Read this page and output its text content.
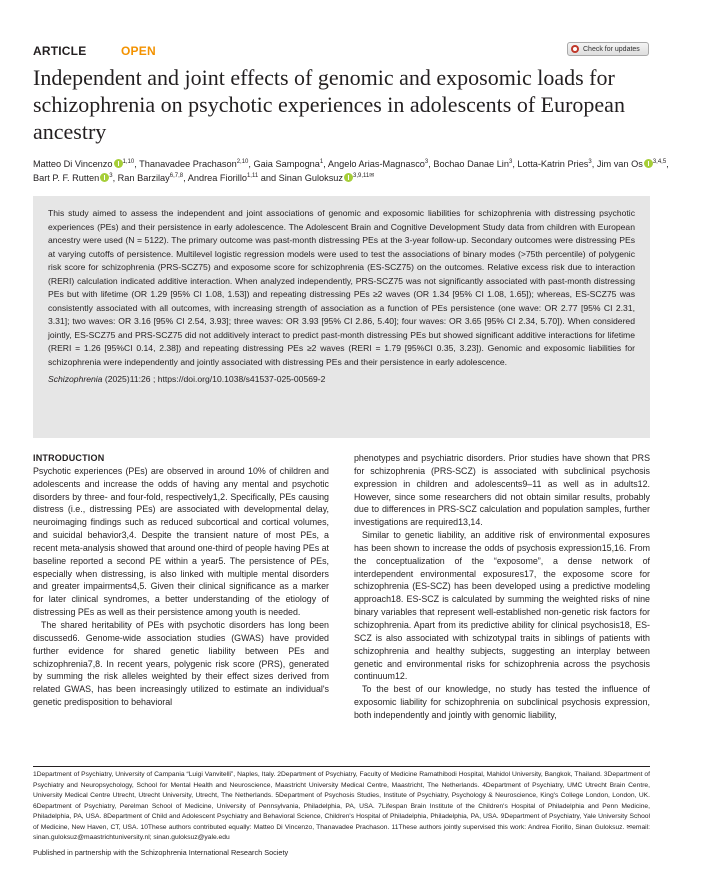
ARTICLE	OPEN	Check for updates
Independent and joint effects of genomic and exposomic loads for schizophrenia on psychotic experiences in adolescents of European ancestry
Matteo Di Vincenzo $^{1,10}$, Thanavadee Prachason$^{2,10}$, Gaia Sampogna$^1$, Angelo Arias-Magnasco$^3$, Bochao Danae Lin$^3$, Lotta-Katrin Pries$^3$, Jim van Os $^{3,4,5}$, Bart P. F. Rutten $^3$, Ran Barzilay$^{6,7,8}$, Andrea Fiorillo$^{1,11}$ and Sinan Guloksuz $^{3,9,11✉}$
This study aimed to assess the independent and joint associations of genomic and exposomic liabilities for schizophrenia with distressing psychotic experiences (PEs) and their persistence in early adolescence. The Adolescent Brain and Cognitive Development Study data from children with European ancestry were used (N = 5122). The primary outcome was past-month distressing PEs at the 3-year follow-up. Secondary outcomes were distressing PEs at varying cutoffs of persistence. Multilevel logistic regression models were used to test the associations of binary modes (>75th percentile) of polygenic risk score for schizophrenia (PRS-SCZ75) and exposome score for schizophrenia (ES-SCZ75) on the outcomes. Relative excess risk due to interaction (RERI) calculation indicated additive interaction. When analyzed independently, PRS-SCZ75 was not significantly associated with past-month distressing PEs but with lifetime (OR 1.29 [95% CI 1.08, 1.53]) and repeating distressing PEs ≥2 waves (OR 1.34 [95% CI 1.08, 1.65]); whereas, ES-SCZ75 was consistently associated with all outcomes, with increasing strength of association as a function of PEs persistence (one wave: OR 2.77 [95% CI 2.31, 3.31]; two waves: OR 3.16 [95% CI 2.54, 3.93]; three waves: OR 3.93 [95% CI 2.86, 5.40]; four waves: OR 3.65 [95% CI 2.34, 5.70]). When considered jointly, ES-SCZ75 and PRS-SCZ75 did not additively interact to predict past-month distressing PEs but showed significant additive interactions for lifetime (RERI = 1.26 [95%CI 0.14, 2.38]) and repeating distressing PEs ≥2 waves (RERI = 1.79 [95%CI 0.35, 3.23]). Genomic and exposomic liabilities for schizophrenia were independently and jointly associated with distressing PEs and their persistence in early adolescence.
Schizophrenia (2025)11:26 ; https://doi.org/10.1038/s41537-025-00569-2
INTRODUCTION

Psychotic experiences (PEs) are observed in around 10% of children and adolescents and increase the odds of having any mental and psychotic disorders by three- and four-fold, respectively1,2. Specifically, PEs causing distress (i.e., distressing PEs) are associated with developmental delay, neuroimaging findings such as reduced subcortical and cortical volumes, and suicidal behavior3,4. Despite the transient nature of most PEs, a recent meta-analysis showed that around one-third of people having PEs at baseline reported a second PE within a year5. The persistence of PEs, especially when distressing, is also linked with multiple mental disorders and greater impairments4,5. Given their clinical significance as a marker for later clinical syndromes, a better understanding of the etiology of distressing PEs as well as their persistence among youth is needed.

The shared heritability of PEs with psychotic disorders has long been discussed6. Genome-wide association studies (GWAS) have provided further evidence for shared genetic liability between PEs and schizophrenia7,8. In recent years, polygenic risk score (PRS), generated by summing the risk alleles weighted by their effect sizes derived from related GWAS, has been increasingly utilized to estimate an individual's genetic predisposition to behavioral

phenotypes and psychiatric disorders. Prior studies have shown that PRS for schizophrenia (PRS-SCZ) is associated with subclinical psychosis expression in children and adolescents9–11 as well as in adults12. However, since some researchers did not obtain similar results, probably due to differences in PRS-SCZ calculation and population samples, further investigations are required13,14.

Similar to genetic liability, an additive risk of environmental exposures has been shown to increase the odds of psychosis expression15,16. From the conceptualization of the “exposome”, a dense network of interdependent environmental exposures17, the exposome score for schizophrenia (ES-SCZ) has been developed using a predictive modeling approach18. ES-SCZ is calculated by summing the weighted risks of nine binary variables that represent well-established non-genetic risk factors for schizophrenia. Apart from its predictive ability for clinical psychosis18, ES-SCZ is also associated with schizotypal traits in siblings of patients with schizophrenia and healthy subjects, suggesting an interplay between genetic and environmental risks for schizophrenia across the psychosis continuum12.

To the best of our knowledge, no study has tested the influence of exposomic liability for schizophrenia on subclinical psychosis expression, both independently and jointly with genomic liability,

1Department of Psychiatry, University of Campania “Luigi Vanvitelli”, Naples, Italy. 2Department of Psychiatry, Faculty of Medicine Ramathibodi Hospital, Mahidol University, Bangkok, Thailand. 3Department of Psychiatry and Neuropsychology, School for Mental Health and Neuroscience, Maastricht University Medical Centre, Maastricht, The Netherlands. 4Department of Psychiatry, UMC Utrecht Brain Centre, University Medical Centre Utrecht, Utrecht University, Utrecht, The Netherlands. 5Department of Psychosis Studies, Institute of Psychiatry, Psychology & Neuroscience, King's College London, London, UK. 6Department of Psychiatry, Perelman School of Medicine, University of Pennsylvania, Philadelphia, PA, USA. 7Lifespan Brain Institute of the Children's Hospital of Philadelphia and Penn Medicine, Philadelphia, PA, USA. 8Department of Child and Adolescent Psychiatry and Behavioral Science, Children's Hospital of Philadelphia, Philadelphia, PA, USA. 9Department of Psychiatry, Yale University School of Medicine, New Haven, CT, USA. 10These authors contributed equally: Matteo Di Vincenzo, Thanavadee Prachason. 11These authors jointly supervised this work: Andrea Fiorillo, Sinan Guloksuz. ✉email: sinan.guloksuz@maastrichtuniversity.nl; sinan.guloksuz@yale.edu
Published in partnership with the Schizophrenia International Research Society
